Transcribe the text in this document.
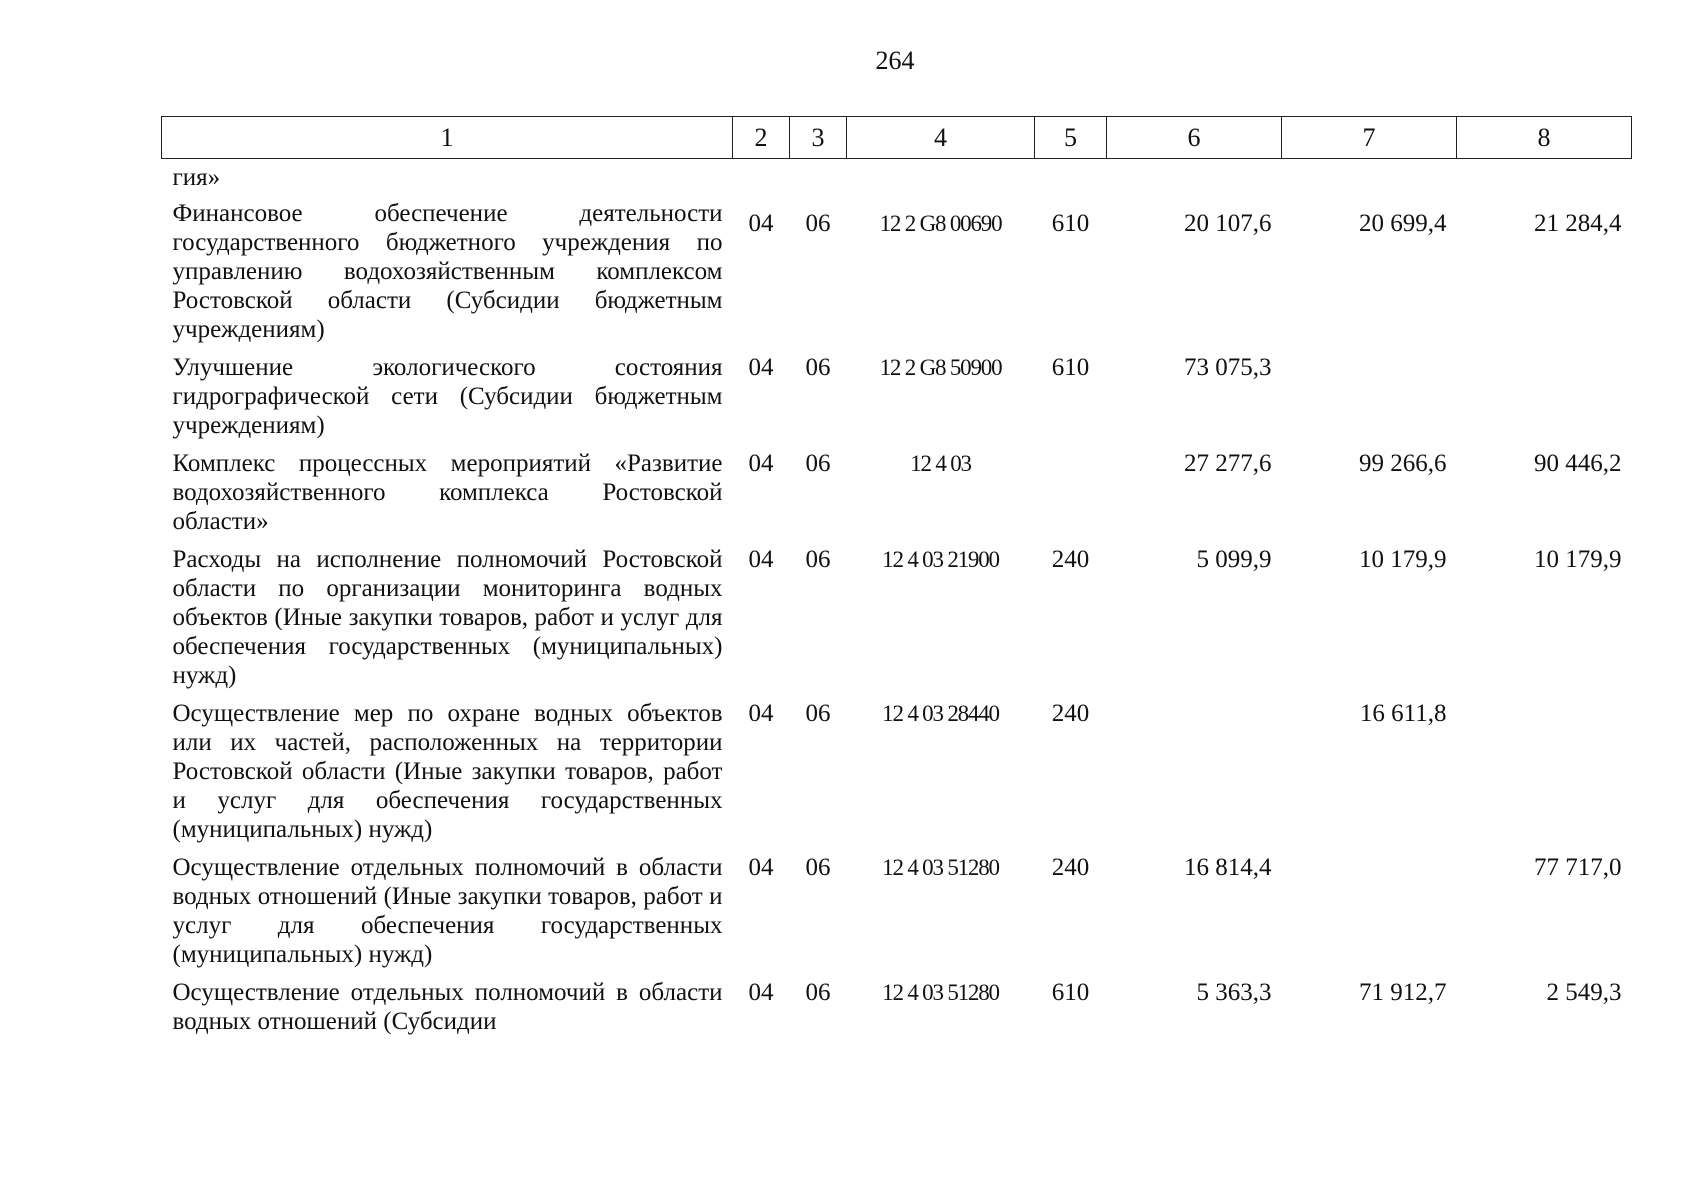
264
1	2	3	4	5	6	7	8
гия»							
Финансовое обеспечение деятельности государственного бюджетного учреждения по управлению водохозяйственным комплексом Ростовской области (Субсидии бюджетным учреждениям)	04	06	12 2 G8 00690	610	20 107,6	20 699,4	21 284,4
Улучшение экологического состояния гидрографической сети (Субсидии бюджетным учреждениям)	04	06	12 2 G8 50900	610	73 075,3		
Комплекс процессных мероприятий «Развитие водохозяйственного комплекса Ростовской области»	04	06	12 4 03		27 277,6	99 266,6	90 446,2
Расходы на исполнение полномочий Ростовской области по организации мониторинга водных объектов (Иные закупки товаров, работ и услуг для обеспечения государственных (муниципальных) нужд)	04	06	12 4 03 21900	240	5 099,9	10 179,9	10 179,9
Осуществление мер по охране водных объектов или их частей, расположенных на территории Ростовской области (Иные закупки товаров, работ и услуг для обеспечения государственных (муниципальных) нужд)	04	06	12 4 03 28440	240		16 611,8	
Осуществление отдельных полномочий в области водных отношений (Иные закупки товаров, работ и услуг для обеспечения государственных (муниципальных) нужд)	04	06	12 4 03 51280	240	16 814,4		77 717,0
Осуществление отдельных полномочий в области водных отношений (Субсидии	04	06	12 4 03 51280	610	5 363,3	71 912,7	2 549,3
